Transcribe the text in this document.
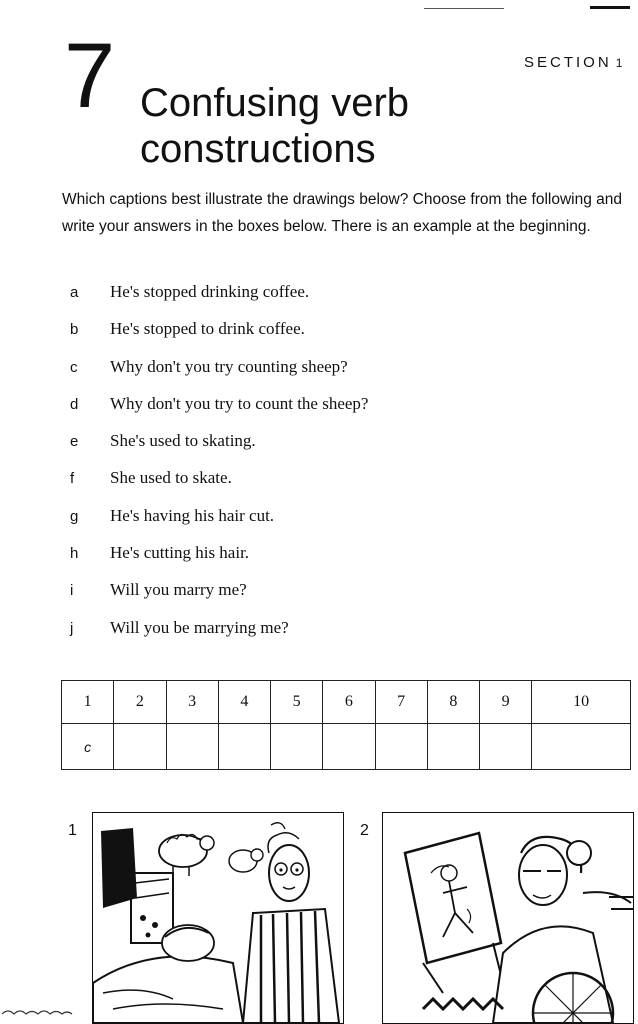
SECTION 1
7 Confusing verb
constructions
Which captions best illustrate the drawings below? Choose from the following and write your answers in the boxes below. There is an example at the beginning.
a	He's stopped drinking coffee.
b	He's stopped to drink coffee.
c	Why don't you try counting sheep?
d	Why don't you try to count the sheep?
e	She's used to skating.
f	She used to skate.
g	He's having his hair cut.
h	He's cutting his hair.
i	Will you marry me?
j	Will you be marrying me?
1	2	3	4	5	6	7	8	9	10
c									
1	2
